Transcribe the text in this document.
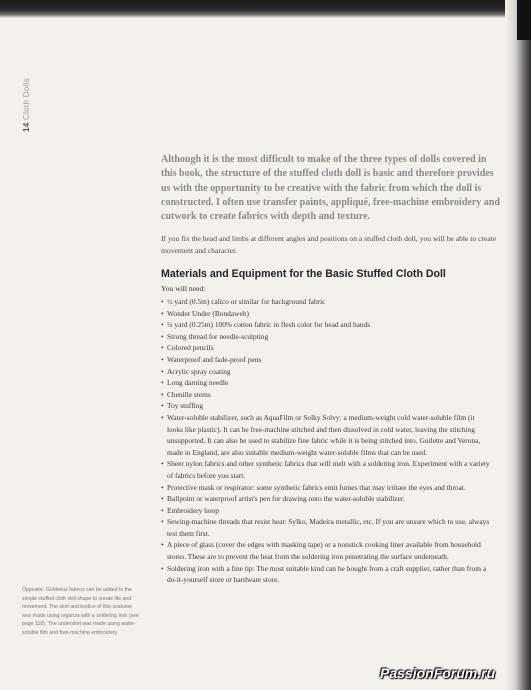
14 Cloth Dolls

Although it is the most difficult to make of the three types of dolls covered in this book, the structure of the stuffed cloth doll is basic and therefore provides us with the opportunity to be creative with the fabric from which the doll is constructed. I often use transfer paints, appliqué, free-machine embroidery and cutwork to create fabrics with depth and texture.

If you fix the head and limbs at different angles and positions on a stuffed cloth doll, you will be able to create movement and character.

Materials and Equipment for the Basic Stuffed Cloth Doll

You will need:

• ½ yard (0.5m) calico or similar for background fabric
• Wonder Under (Bondaweb)
• ¼ yard (0.25m) 100% cotton fabric in flesh color for head and hands
• Strong thread for needle-sculpting
• Colored pencils
• Waterproof and fade-proof pens
• Acrylic spray coating
• Long darning needle
• Chenille stems
• Toy stuffing
• Water-soluble stabilizer, such as AquaFilm or Solky Solvy: a medium-weight cold water-soluble film (it looks like plastic). It can be free-machine stitched and then dissolved in cold water, leaving the stitching unsupported. It can also be used to stabilize fine fabric while it is being stitched into. Guilette and Verona, made in England, are also suitable medium-weight water-soluble films that can be used.
• Sheer nylon fabrics and other synthetic fabrics that will melt with a soldering iron. Experiment with a variety of fabrics before you start.
• Protective mask or respirator: some synthetic fabrics emit fumes that may irritate the eyes and throat.
• Ballpoint or waterproof artist's pen for drawing onto the water-soluble stabilizer.
• Embroidery hoop
• Sewing-machine threads that resist heat: Sylko, Madeira metallic, etc. If you are unsure which to use, always test them first.
• A piece of glass (cover the edges with masking tape) or a nonstick cooking liner available from household stores. These are to prevent the heat from the soldering iron penetrating the surface underneath.
• Soldering iron with a fine tip: The most suitable kind can be bought from a craft supplier, rather than from a do-it-yourself store or hardware store.

Opposite: Gobbelus fabrics can be added to the simple stuffed cloth doll shape to create life and movement. The skirt and bodice of this costume was made using organza with a soldering iron (see page 118). The underskirt was made using water-soluble film and free-machine embroidery.

PassionForum.ru
